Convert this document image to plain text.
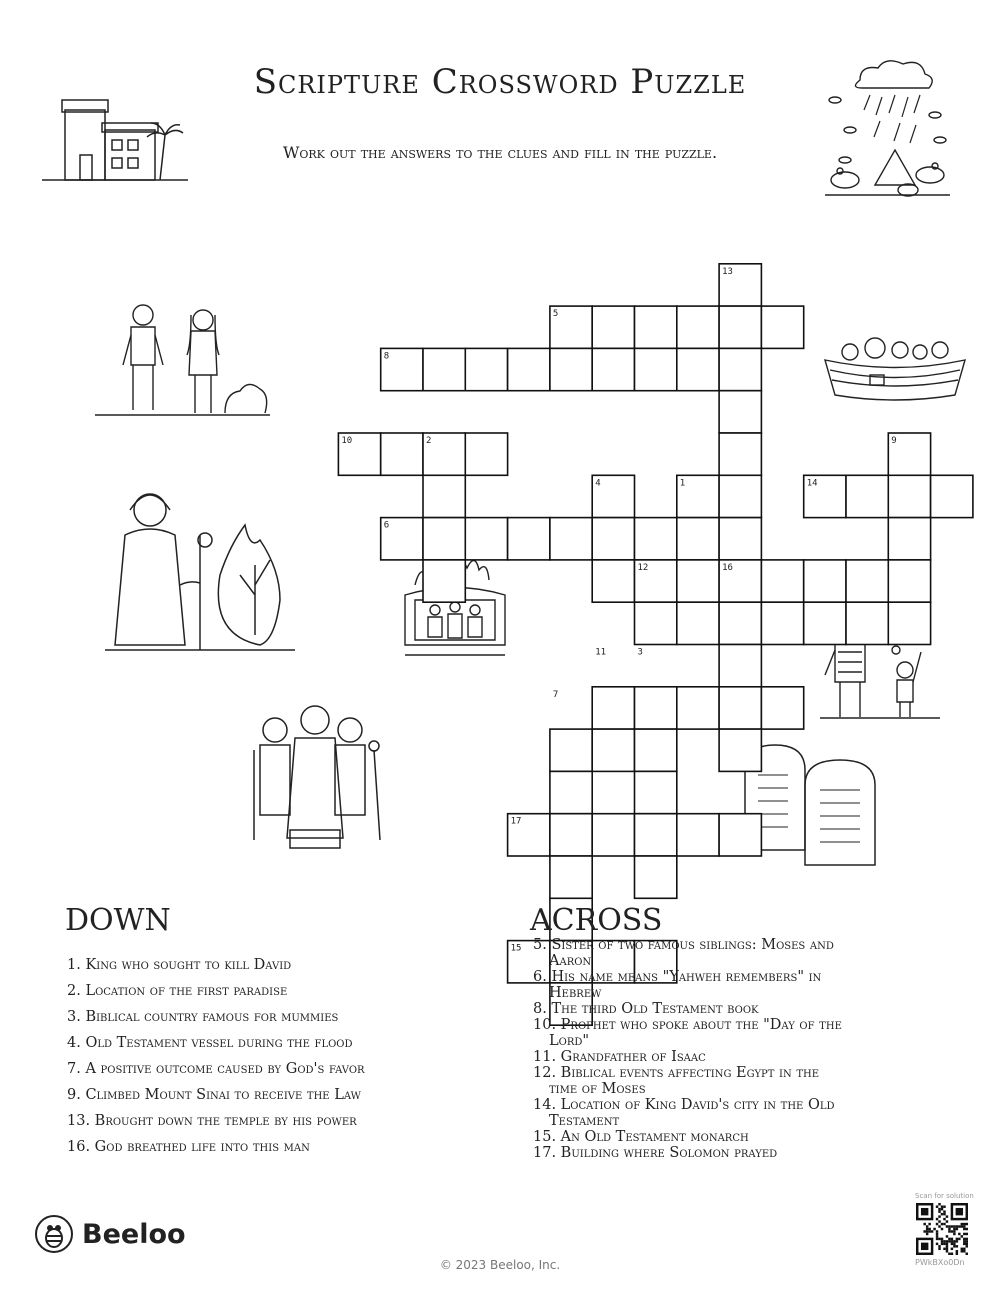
Scripture Crossword Puzzle
Work out the answers to the clues and fill in the puzzle.
13
5
8
10	2	9
4	1	14
6
12	16
11	3
7
17
15
DOWN
1. King who sought to kill David
2. Location of the first paradise
3. Biblical country famous for mummies
4. Old Testament vessel during the flood
7. A positive outcome caused by God's favor
9. Climbed Mount Sinai to receive the Law
13. Brought down the temple by his power
16. God breathed life into this man
ACROSS
5. Sister of two famous siblings: Moses and
Aaron
6. His name means "Yahweh remembers" in
Hebrew
8. The third Old Testament book
10. Prophet who spoke about the "Day of the
Lord"
11. Grandfather of Isaac
12. Biblical events affecting Egypt in the
time of Moses
14. Location of King David's city in the Old
Testament
15. An Old Testament monarch
17. Building where Solomon prayed
Beeloo
Scan for solution
PWkBXo0Dn
© 2023 Beeloo, Inc.
